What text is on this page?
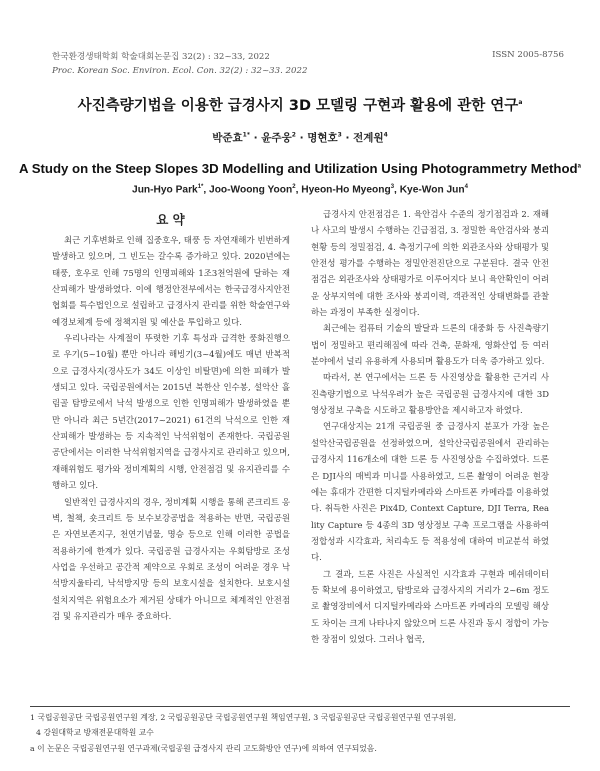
한국환경생태학회 학술대회논문집 32(2) : 32~33, 2022	ISSN 2005-8756
Proc. Korean Soc. Environ. Ecol. Con. 32(2) : 32~33. 2022
사진측량기법을 이용한 급경사지 3D 모델링 구현과 활용에 관한 연구$^a$
박준효$^{1*}$ · 윤주웅$^2$ · 명현호$^3$ · 전계원$^4$
A Study on the Steep Slopes 3D Modelling and Utilization Using Photogrammetry Method$^a$
Jun-Hyo Park$^{1*}$, Joo-Woong Yoon$^2$, Hyeon-Ho Myeong$^3$, Kye-Won Jun$^4$
요 약

최근 기후변화로 인해 집중호우, 태풍 등 자연재해가 빈번하게 발생하고 있으며, 그 빈도는 갈수록 증가하고 있다. 2020년에는 태풍, 호우로 인해 75명의 인명피해와 1조3천억원에 달하는 재산피해가 발생하였다. 이에 행정안전부에서는 한국급경사지안전협회를 특수법인으로 설립하고 급경사지 관리를 위한 학술연구와 예경보체계 등에 정책지원 및 예산을 투입하고 있다.

우리나라는 사계절이 뚜렷한 기후 특성과 급격한 풍화진행으로 우기(5~10월) 뿐만 아니라 해빙기(3~4월)에도 매년 반복적으로 급경사지(경사도가 34도 이상인 비탈면)에 의한 피해가 발생되고 있다. 국립공원에서는 2015년 북한산 인수봉, 설악산 흘림골 탐방로에서 낙석 발생으로 인한 인명피해가 발생하였을 뿐만 아니라 최근 5년간(2017~2021) 61건의 낙석으로 인한 재산피해가 발생하는 등 지속적인 낙석위험이 존재한다. 국립공원공단에서는 이러한 낙석위험지역을 급경사지로 관리하고 있으며, 재해위험도 평가와 정비계획의 시행, 안전점검 및 유지관리를 수행하고 있다.

일반적인 급경사지의 경우, 정비계획 시행을 통해 콘크리트 옹벽, 철책, 숏크리트 등 보수보강공법을 적용하는 반면, 국립공원은 자연보존지구, 천연기념물, 명승 등으로 인해 이러한 공법을 적용하기에 한계가 있다. 국립공원 급경사지는 우회탐방로 조성사업을 우선하고 공간적 제약으로 우회로 조성이 어려운 경우 낙석방지울타리, 낙석방지망 등의 보호시설을 설치한다. 보호시설 설치지역은 위험요소가 제거된 상태가 아니므로 체계적인 안전점검 및 유지관리가 매우 중요하다.

급경사지 안전점검은 1. 육안검사 수준의 정기점검과 2. 재해나 사고의 발생시 수행하는 긴급점검, 3. 정밀한 육안검사와 붕괴현황 등의 정밀점검, 4. 측정기구에 의한 외관조사와 상태평가 및 안전성 평가를 수행하는 정밀안전진단으로 구분된다. 결국 안전점검은 외관조사와 상태평가로 이루어지다 보니 육안확인이 어려운 상부지역에 대한 조사와 붕괴이력, 객관적인 상태변화를 관찰하는 과정이 부족한 실정이다.

최근에는 컴퓨터 기술의 발달과 드론의 대중화 등 사진측량기법이 정밀하고 편리해짐에 따라 건축, 문화재, 영화산업 등 여러 분야에서 널리 유용하게 사용되며 활용도가 더욱 증가하고 있다.

따라서, 본 연구에서는 드론 등 사진영상을 활용한 근거리 사진측량기법으로 낙석우려가 높은 국립공원 급경사지에 대한 3D 영상정보 구축을 시도하고 활용방안을 제시하고자 하였다.

연구대상지는 21개 국립공원 중 급경사지 분포가 가장 높은 설악산국립공원을 선정하였으며, 설악산국립공원에서 관리하는 급경사지 116개소에 대한 드론 등 사진영상을 수집하였다. 드론은 DJI사의 매빅과 미니를 사용하였고, 드론 촬영이 어려운 현장에는 휴대가 간편한 디지털카메라와 스마트폰 카메라를 이용하였다. 취득한 사진은 Pix4D, Context Capture, DJI Terra, Reality Capture 등 4종의 3D 영상정보 구축 프로그램을 사용하여 정합성과 시각효과, 처리속도 등 적용성에 대하여 비교분석 하였다.

그 결과, 드론 사진은 사실적인 시각효과 구현과 메쉬데이터 등 확보에 용이하였고, 탐방로와 급경사지의 거리가 2~6m 정도로 촬영장비에서 디지털카메라와 스마트폰 카메라의 모델링 해상도 차이는 크게 나타나지 않았으며 드론 사진과 동시 정합이 가능한 장점이 있었다. 그러나 협곡,

1 국립공원공단 국립공원연구원 계장, 2 국립공원공단 국립공원연구원 책임연구원, 3 국립공원공단 국립공원연구원 연구위원,
4 강원대학교 방재전문대학원 교수
a 이 논문은 국립공원연구원 연구과제(국립공원 급경사지 관리 고도화방안 연구)에 의하여 연구되었음.
